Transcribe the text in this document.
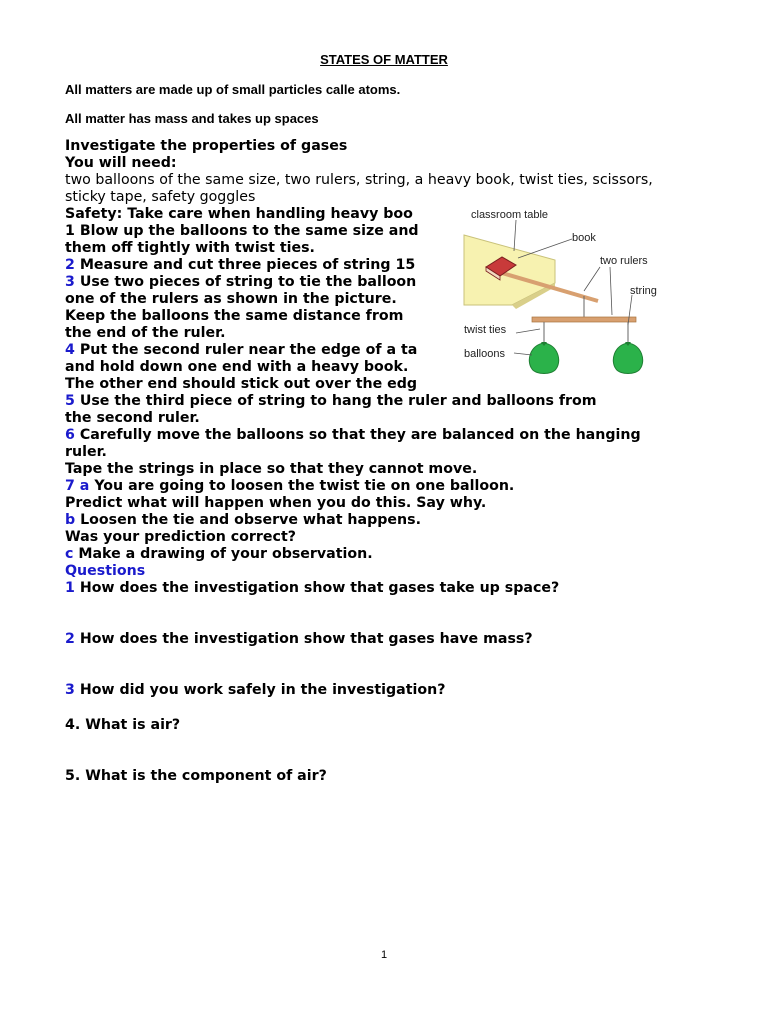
STATES OF MATTER
All matters are made up of small particles calle atoms.
All matter has mass and takes up spaces
Investigate the properties of gases
You will need:
two balloons of the same size, two rulers, string, a heavy book, twist ties, scissors,
sticky tape, safety goggles
Safety: Take care when handling heavy boo
1 Blow up the balloons to the same size and
them off tightly with twist ties.
2 Measure and cut three pieces of string 15
3 Use two pieces of string to tie the balloon
one of the rulers as shown in the picture.
Keep the balloons the same distance from
the end of the ruler.
4 Put the second ruler near the edge of a ta
and hold down one end with a heavy book.
The other end should stick out over the edg
5 Use the third piece of string to hang the ruler and balloons from
the second ruler.
6 Carefully move the balloons so that they are balanced on the hanging
ruler.
Tape the strings in place so that they cannot move.
7 a You are going to loosen the twist tie on one balloon.
Predict what will happen when you do this. Say why.
b Loosen the tie and observe what happens.
Was your prediction correct?
c Make a drawing of your observation.
Questions
1 How does the investigation show that gases take up space?
2 How does the investigation show that gases have mass?
3 How did you work safely in the investigation?
4. What is air?
5. What is the component of air?
classroom table
book
two rulers
string
twist ties
balloons
1
